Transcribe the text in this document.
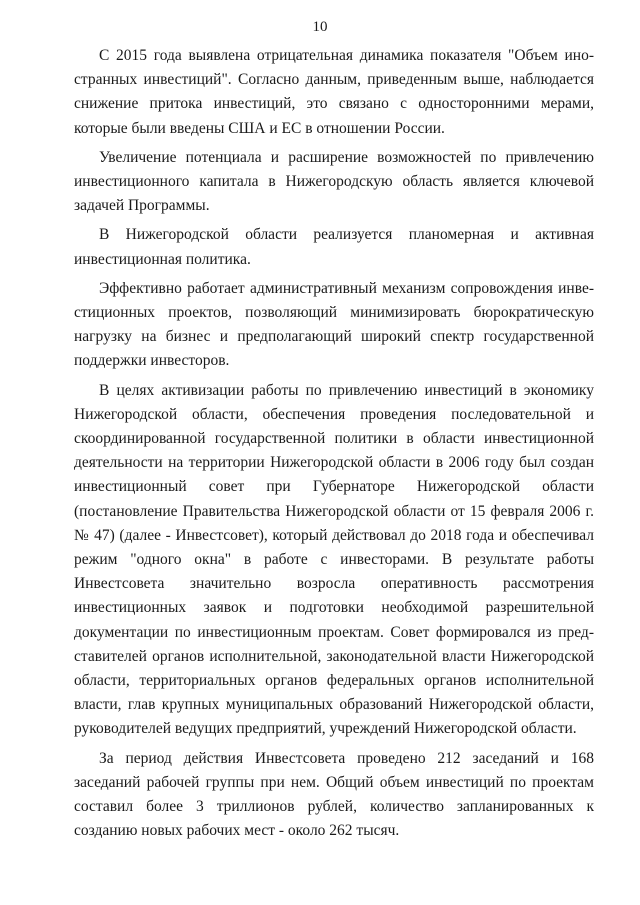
10

С 2015 года выявлена отрицательная динамика показателя "Объем иностранных инвестиций". Согласно данным, приведенным выше, наблюдается снижение притока инвестиций, это связано с односторонними мерами, которые были введены США и ЕС в отношении России.

Увеличение потенциала и расширение возможностей по привлечению инвестиционного капитала в Нижегородскую область является ключевой задачей Программы.

В Нижегородской области реализуется планомерная и активная инвестиционная политика.

Эффективно работает административный механизм сопровождения инвестиционных проектов, позволяющий минимизировать бюрократическую нагрузку на бизнес и предполагающий широкий спектр государственной поддержки инвесторов.

В целях активизации работы по привлечению инвестиций в экономику Нижегородской области, обеспечения проведения последовательной и скоординированной государственной политики в области инвестиционной деятельности на территории Нижегородской области в 2006 году был создан инвестиционный совет при Губернаторе Нижегородской области (постановление Правительства Нижегородской области от 15 февраля 2006 г. № 47) (далее - Инвестсовет), который действовал до 2018 года и обеспечивал режим "одного окна" в работе с инвесторами. В результате работы Инвестсовета значительно возросла оперативность рассмотрения инвестиционных заявок и подготовки необходимой разрешительной документации по инвестиционным проектам. Совет формировался из представителей органов исполнительной, законодательной власти Нижегородской области, территориальных органов федеральных органов исполнительной власти, глав крупных муниципальных образований Нижегородской области, руководителей ведущих предприятий, учреждений Нижегородской области.

За период действия Инвестсовета проведено 212 заседаний и 168 заседаний рабочей группы при нем. Общий объем инвестиций по проектам составил более 3 триллионов рублей, количество запланированных к созданию новых рабочих мест - около 262 тысяч.
